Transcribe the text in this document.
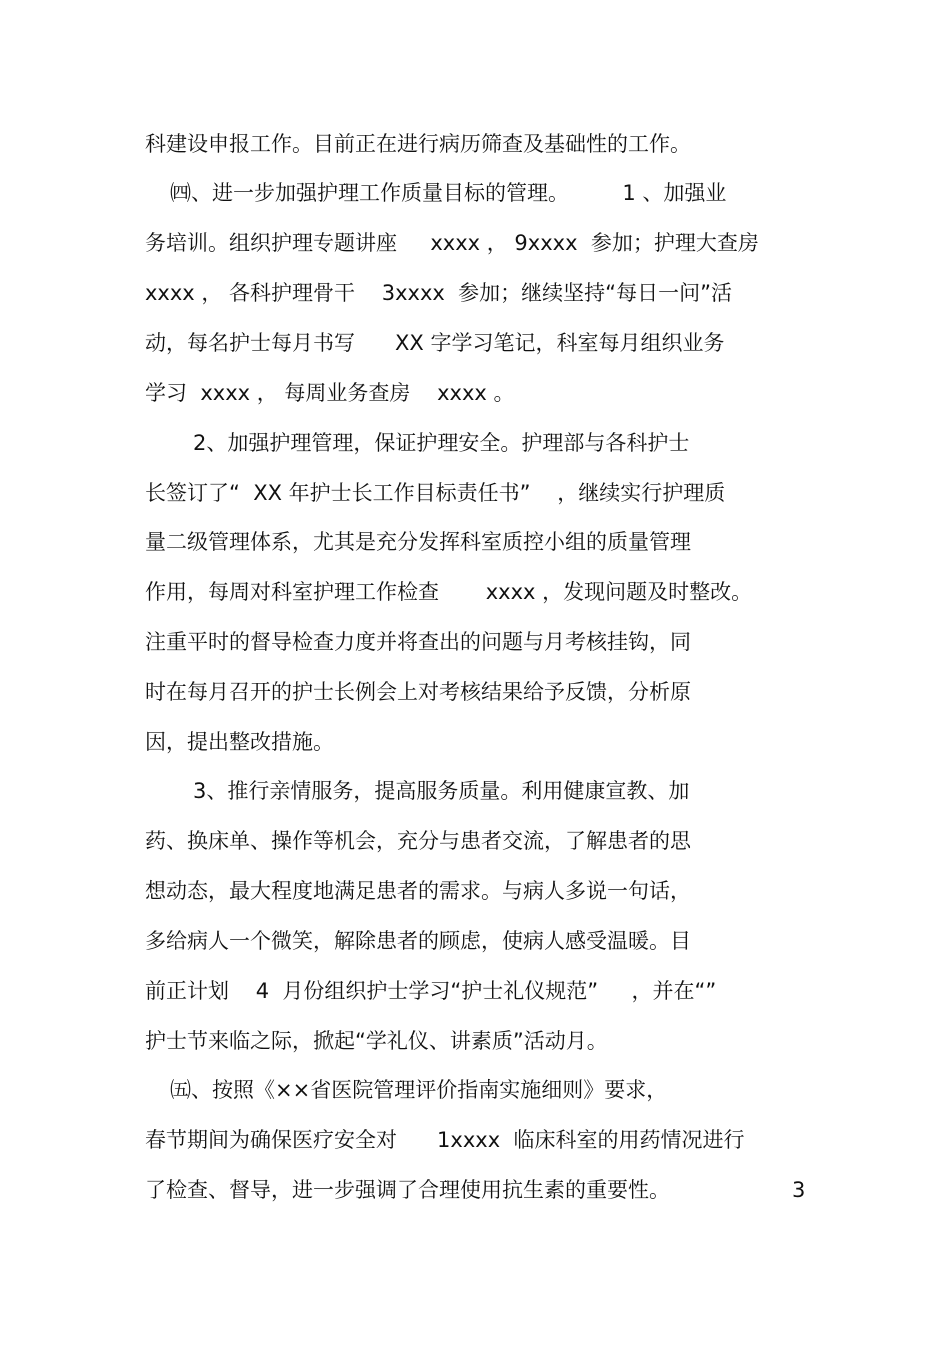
科建设申报工作。目前正在进行病历筛查及基础性的工作。
㈣、进一步加强护理工作质量目标的管理。        1 、加强业
务培训。组织护理专题讲座     xxxx ， 9xxxx  参加；护理大查房
xxxx ， 各科护理骨干    3xxxx  参加；继续坚持“每日一问”活
动，每名护士每月书写      XX 字学习笔记，科室每月组织业务
学习  xxxx ， 每周业务查房    xxxx 。
2、加强护理管理，保证护理安全。护理部与各科护士
长签订了“  XX 年护士长工作目标责任书”    ，继续实行护理质
量二级管理体系，尤其是充分发挥科室质控小组的质量管理
作用，每周对科室护理工作检查       xxxx ，发现问题及时整改。
注重平时的督导检查力度并将查出的问题与月考核挂钩，同
时在每月召开的护士长例会上对考核结果给予反馈，分析原
因，提出整改措施。
3、推行亲情服务，提高服务质量。利用健康宣教、加
药、换床单、操作等机会，充分与患者交流，了解患者的思
想动态，最大程度地满足患者的需求。与病人多说一句话，
多给病人一个微笑，解除患者的顾虑，使病人感受温暖。目
前正计划    4  月份组织护士学习“护士礼仪规范”     ，并在“”
护士节来临之际，掀起“学礼仪、讲素质”活动月。
㈤、按照《××省医院管理评价指南实施细则》要求，
春节期间为确保医疗安全对      1xxxx  临床科室的用药情况进行
了检查、督导，进一步强调了合理使用抗生素的重要性。	3
